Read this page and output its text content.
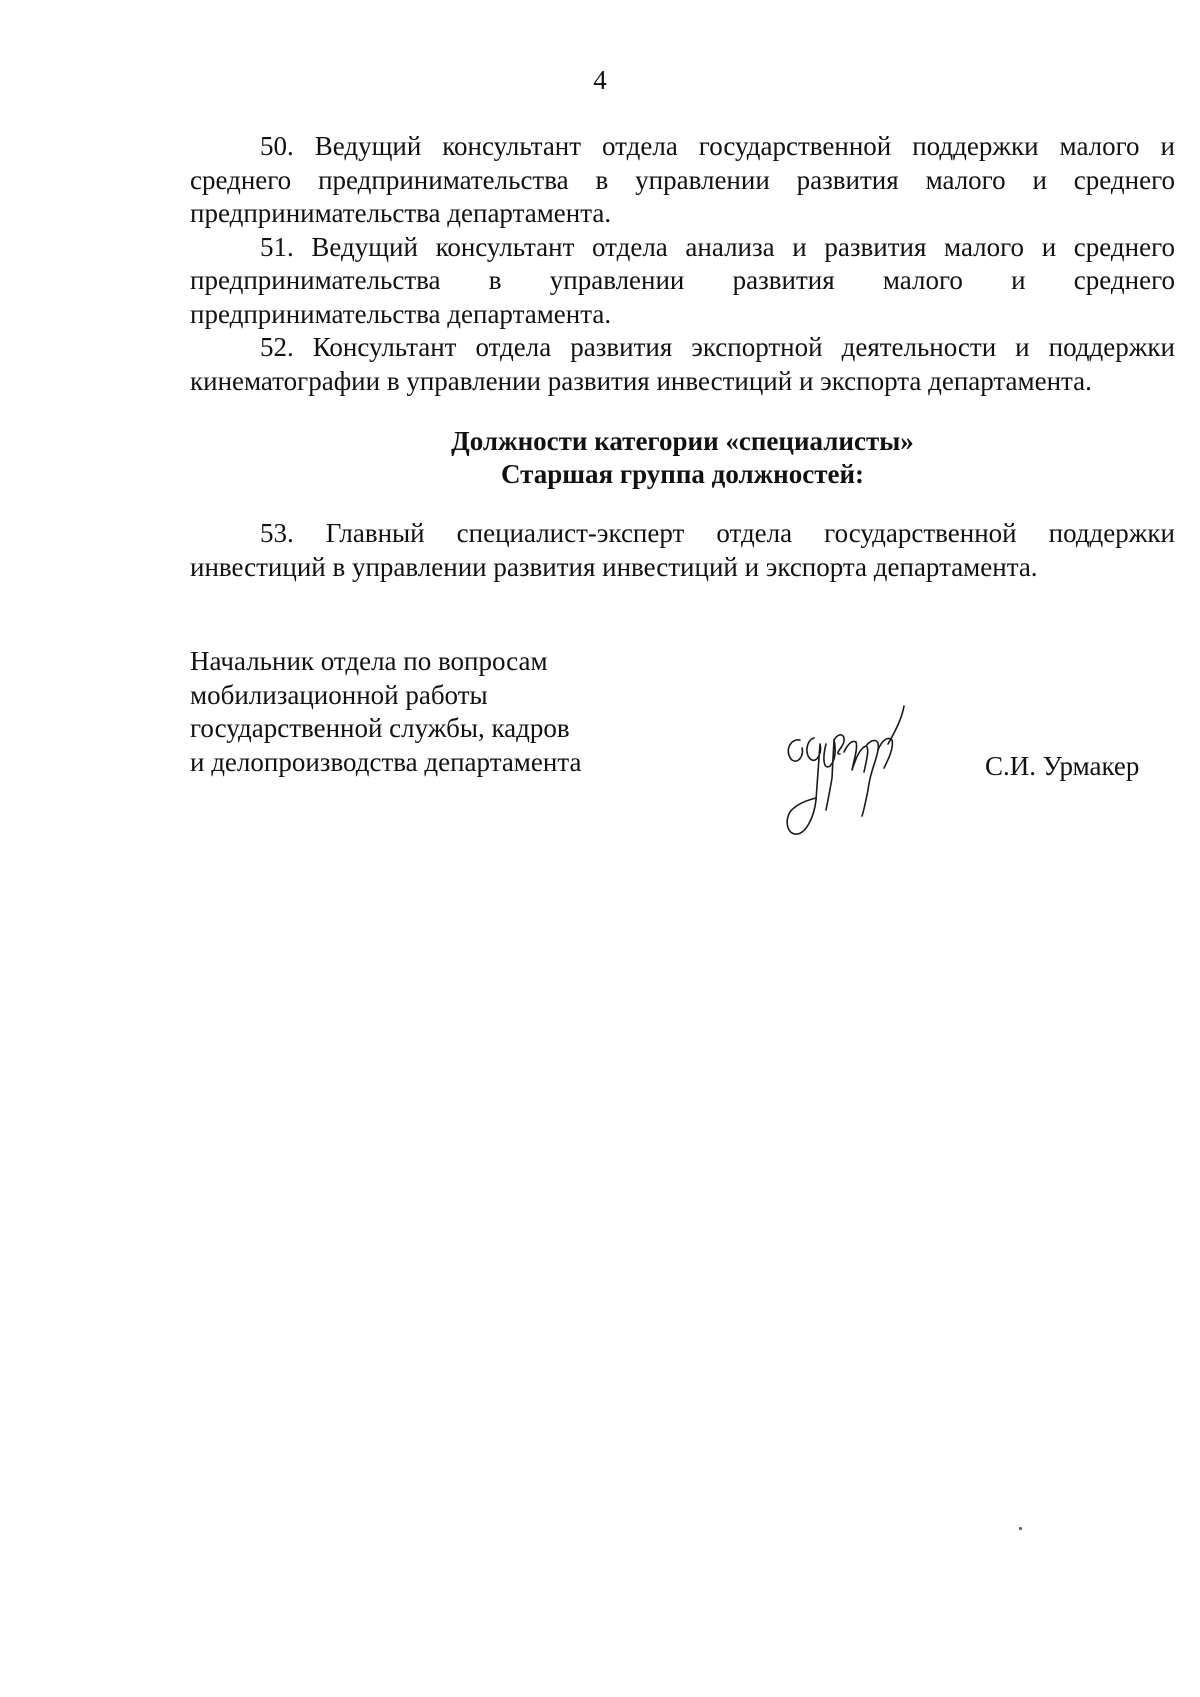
4

50. Ведущий консультант отдела государственной поддержки малого и среднего предпринимательства в управлении развития малого и среднего предпринимательства департамента.

51. Ведущий консультант отдела анализа и развития малого и среднего предпринимательства в управлении развития малого и среднего предпринимательства департамента.

52. Консультант отдела развития экспортной деятельности и поддержки кинематографии в управлении развития инвестиций и экспорта департамента.

Должности категории «специалисты»
Старшая группа должностей:

53. Главный специалист-эксперт отдела государственной поддержки инвестиций в управлении развития инвестиций и экспорта департамента.

Начальник отдела по вопросам
мобилизационной работы
государственной службы, кадров
и делопроизводства департамента	С.И. Урмакер
